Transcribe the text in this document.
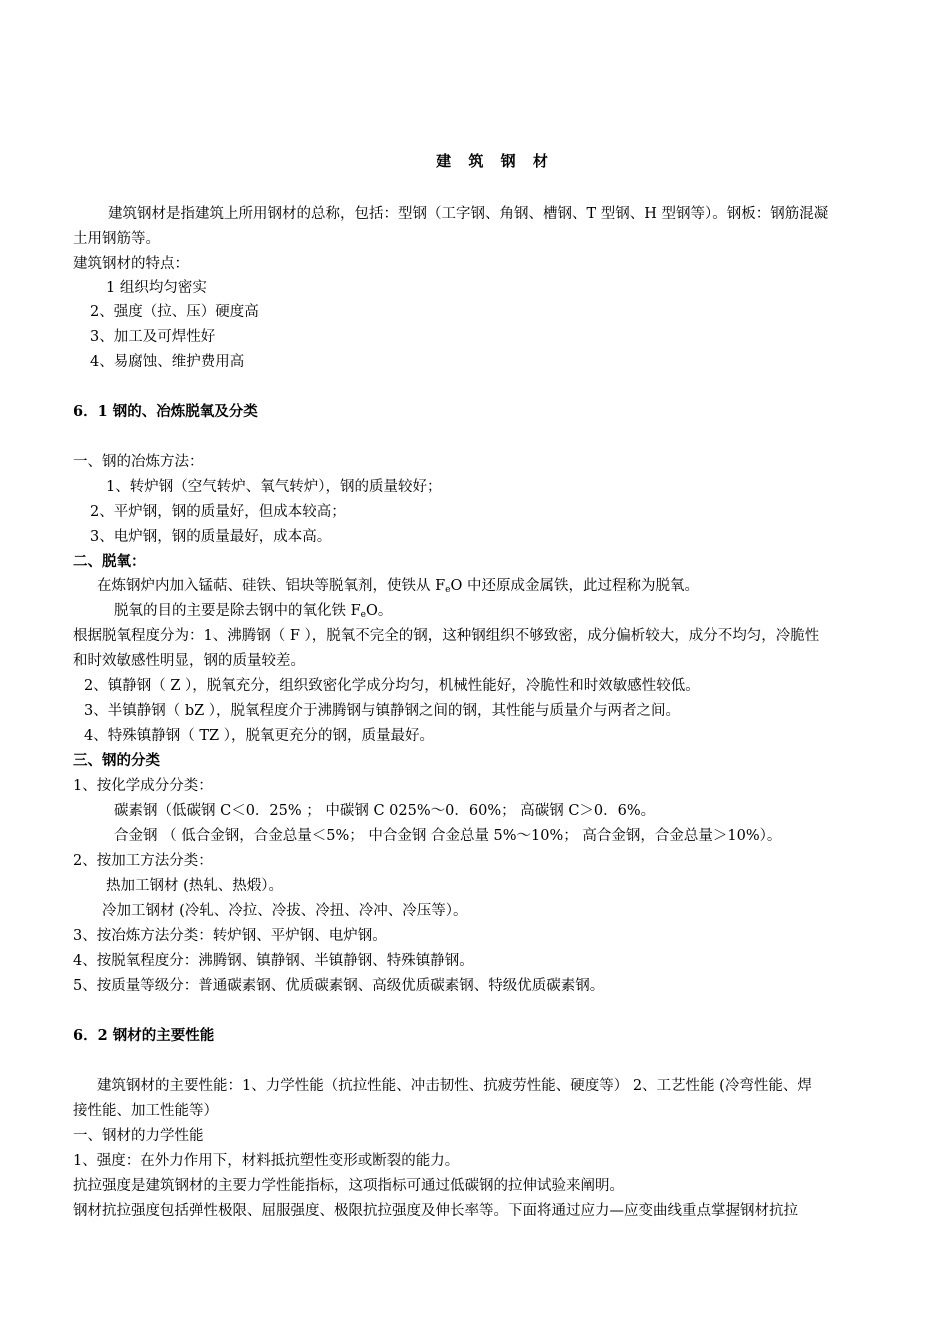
建 筑 钢 材
建筑钢材是指建筑上所用钢材的总称，包括：型钢（工字钢、角钢、槽钢、T 型钢、H 型钢等）。钢板：钢筋混凝
土用钢筋等。
建筑钢材的特点：
1 组织均匀密实
2、强度（拉、压）硬度高
3、加工及可焊性好
4、易腐蚀、维护费用高
6．1 钢的、冶炼脱氧及分类
一、钢的冶炼方法：
1、转炉钢（空气转炉、氧气转炉），钢的质量较好；
2、平炉钢，钢的质量好，但成本较高；
3、电炉钢，钢的质量最好，成本高。
二、脱氧：
在炼钢炉内加入锰萜、硅铁、铝块等脱氧剂，使铁从 $F_eO$ 中还原成金属铁，此过程称为脱氧。
脱氧的目的主要是除去钢中的氧化铁 $F_eO$。
根据脱氧程度分为：1、沸腾钢（ F ），脱氧不完全的钢，这种钢组织不够致密，成分偏析较大，成分不均匀，冷脆性
和时效敏感性明显，钢的质量较差。
2、镇静钢（ Z ），脱氧充分，组织致密化学成分均匀，机械性能好，冷脆性和时效敏感性较低。
3、半镇静钢（ bZ ），脱氧程度介于沸腾钢与镇静钢之间的钢，其性能与质量介与两者之间。
4、特殊镇静钢（ TZ ），脱氧更充分的钢，质量最好。
三、钢的分类
1、按化学成分分类：
碳素钢（低碳钢 C＜0．25% ； 中碳钢 C 025%～0．60%； 高碳钢 C＞0．6%。
合金钢 （ 低合金钢，合金总量＜5%； 中合金钢 合金总量 5%～10%； 高合金钢，合金总量＞10%）。
2、按加工方法分类：
热加工钢材 (热轧、热煅）。
冷加工钢材 (冷轧、冷拉、冷拔、冷扭、冷冲、冷压等）。
3、按冶炼方法分类：转炉钢、平炉钢、电炉钢。
4、按脱氧程度分：沸腾钢、镇静钢、半镇静钢、特殊镇静钢。
5、按质量等级分：普通碳素钢、优质碳素钢、高级优质碳素钢、特级优质碳素钢。
6．2 钢材的主要性能
建筑钢材的主要性能：1、力学性能（抗拉性能、冲击韧性、抗疲劳性能、硬度等） 2、工艺性能 (冷弯性能、焊
接性能、加工性能等）
一、钢材的力学性能
1、强度：在外力作用下，材料抵抗塑性变形或断裂的能力。
抗拉强度是建筑钢材的主要力学性能指标，这项指标可通过低碳钢的拉伸试验来阐明。
钢材抗拉强度包括弹性极限、屈服强度、极限抗拉强度及伸长率等。下面将通过应力—应变曲线重点掌握钢材抗拉
